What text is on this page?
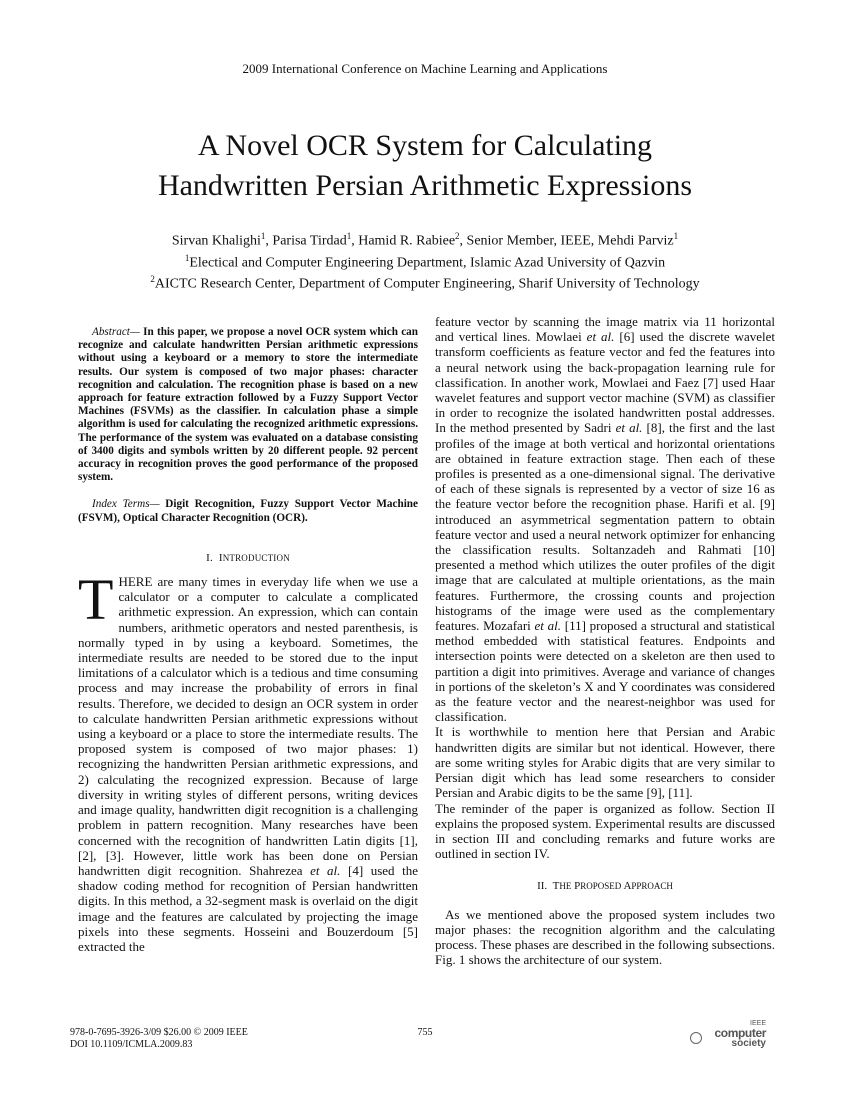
2009 International Conference on Machine Learning and Applications
A Novel OCR System for Calculating
Handwritten Persian Arithmetic Expressions
Sirvan Khalighi$^1$, Parisa Tirdad$^1$, Hamid R. Rabiee$^2$, Senior Member, IEEE, Mehdi Parviz$^1$
$^1$Electical and Computer Engineering Department, Islamic Azad University of Qazvin
$^2$AICTC Research Center, Department of Computer Engineering, Sharif University of Technology

Abstract— In this paper, we propose a novel OCR system which can recognize and calculate handwritten Persian arithmetic expressions without using a keyboard or a memory to store the intermediate results. Our system is composed of two major phases: character recognition and calculation. The recognition phase is based on a new approach for feature extraction followed by a Fuzzy Support Vector Machines (FSVMs) as the classifier. In calculation phase a simple algorithm is used for calculating the recognized arithmetic expressions. The performance of the system was evaluated on a database consisting of 3400 digits and symbols written by 20 different people. 92 percent accuracy in recognition proves the good performance of the proposed system.

Index Terms— Digit Recognition, Fuzzy Support Vector Machine (FSVM), Optical Character Recognition (OCR).

I. INTRODUCTION

THERE are many times in everyday life when we use a calculator or a computer to calculate a complicated arithmetic expression. An expression, which can contain numbers, arithmetic operators and nested parenthesis, is normally typed in by using a keyboard. Sometimes, the intermediate results are needed to be stored due to the input limitations of a calculator which is a tedious and time consuming process and may increase the probability of errors in final results. Therefore, we decided to design an OCR system in order to calculate handwritten Persian arithmetic expressions without using a keyboard or a place to store the intermediate results. The proposed system is composed of two major phases: 1) recognizing the handwritten Persian arithmetic expressions, and 2) calculating the recognized expression. Because of large diversity in writing styles of different persons, writing devices and image quality, handwritten digit recognition is a challenging problem in pattern recognition. Many researches have been concerned with the recognition of handwritten Latin digits [1], [2], [3]. However, little work has been done on Persian handwritten digit recognition. Shahrezea et al. [4] used the shadow coding method for recognition of Persian handwritten digits. In this method, a 32-segment mask is overlaid on the digit image and the features are calculated by projecting the image pixels into these segments. Hosseini and Bouzerdoum [5] extracted the

feature vector by scanning the image matrix via 11 horizontal and vertical lines. Mowlaei et al. [6] used the discrete wavelet transform coefficients as feature vector and fed the features into a neural network using the back-propagation learning rule for classification. In another work, Mowlaei and Faez [7] used Haar wavelet features and support vector machine (SVM) as classifier in order to recognize the isolated handwritten postal addresses. In the method presented by Sadri et al. [8], the first and the last profiles of the image at both vertical and horizontal orientations are obtained in feature extraction stage. Then each of these profiles is presented as a one-dimensional signal. The derivative of each of these signals is represented by a vector of size 16 as the feature vector before the recognition phase. Harifi et al. [9] introduced an asymmetrical segmentation pattern to obtain feature vector and used a neural network optimizer for enhancing the classification results. Soltanzadeh and Rahmati [10] presented a method which utilizes the outer profiles of the digit image that are calculated at multiple orientations, as the main features. Furthermore, the crossing counts and projection histograms of the image were used as the complementary features. Mozafari et al. [11] proposed a structural and statistical method embedded with statistical features. Endpoints and intersection points were detected on a skeleton are then used to partition a digit into primitives. Average and variance of changes in portions of the skeleton’s X and Y coordinates was considered as the feature vector and the nearest-neighbor was used for classification.

It is worthwhile to mention here that Persian and Arabic handwritten digits are similar but not identical. However, there are some writing styles for Arabic digits that are very similar to Persian digit which has lead some researchers to consider Persian and Arabic digits to be the same [9], [11].

The reminder of the paper is organized as follow. Section II explains the proposed system. Experimental results are discussed in section III and concluding remarks and future works are outlined in section IV.

II. THE PROPOSED APPROACH

As we mentioned above the proposed system includes two major phases: the recognition algorithm and the calculating process. These phases are described in the following subsections. Fig. 1 shows the architecture of our system.

978-0-7695-3926-3/09 $26.00 © 2009 IEEE
DOI 10.1109/ICMLA.2009.83
755
IEEE
computer
society
